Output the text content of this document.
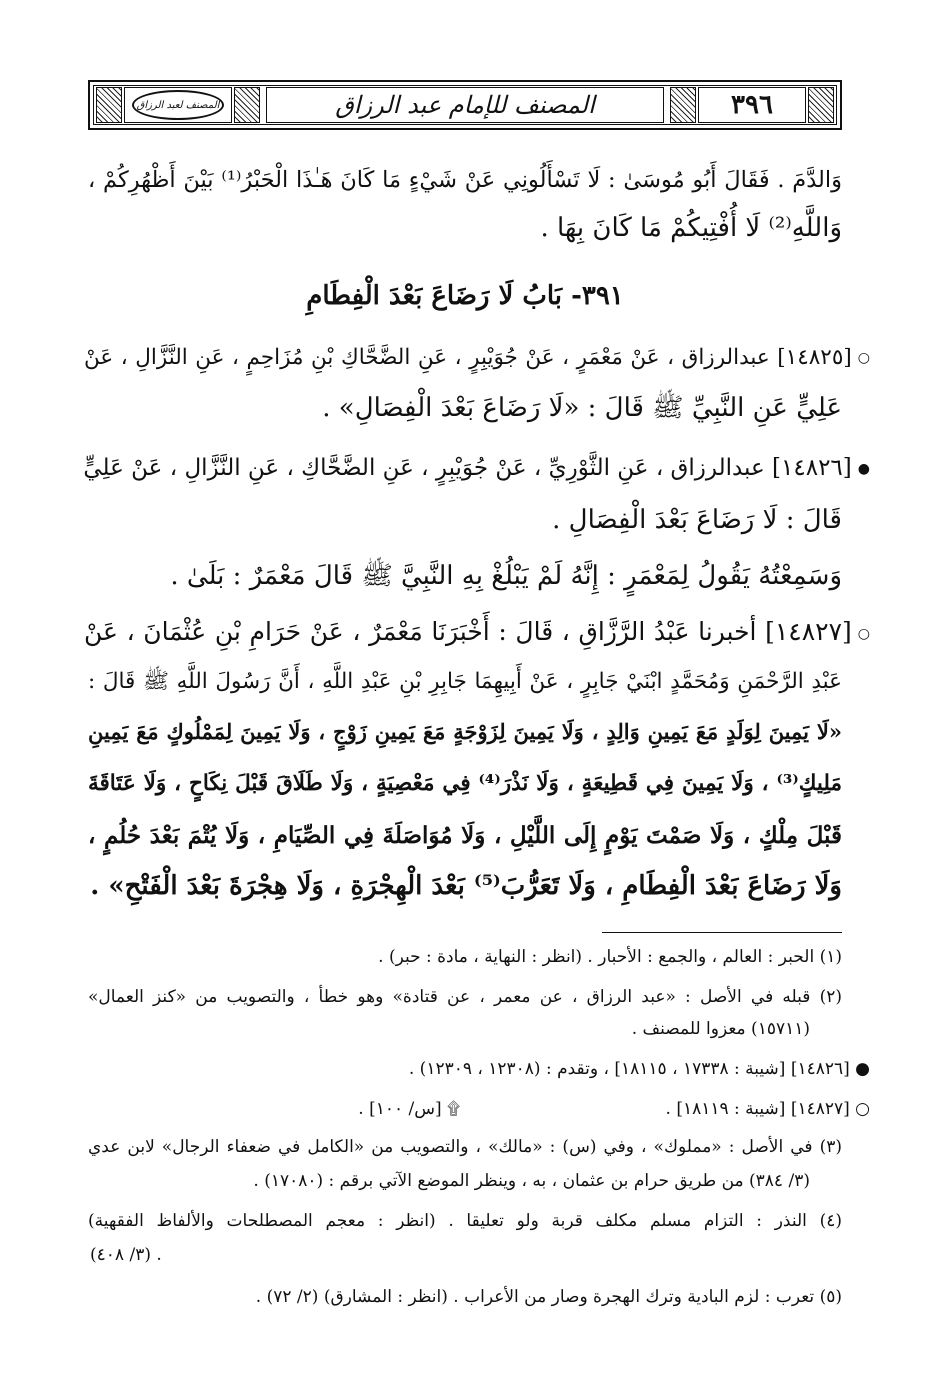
٣٩٦
المصنف للإمام عبد الرزاق
المصنف لعبد الرزاق
وَالدَّمَ . فَقَالَ أَبُو مُوسَىٰ : لَا تَسْأَلُونِي عَنْ شَيْءٍ مَا كَانَ هَـٰذَا الْحَبْرُ⁽¹⁾ بَيْنَ أَظْهُرِكُمْ ،
وَاللَّهِ⁽²⁾ لَا أُفْتِيكُمْ مَا كَانَ بِهَا .
٣٩١- بَابُ لَا رَضَاعَ بَعْدَ الْفِطَامِ
○[١٤٨٢٥] عبدالرزاق ، عَنْ مَعْمَرٍ ، عَنْ جُوَيْبِرٍ ، عَنِ الضَّحَّاكِ بْنِ مُزَاحِمٍ ، عَنِ النَّزَّالِ ، عَنْ
عَلِيٍّ عَنِ النَّبِيِّ ﷺ قَالَ : «لَا رَضَاعَ بَعْدَ الْفِصَالِ» .
●[١٤٨٢٦] عبدالرزاق ، عَنِ الثَّوْرِيِّ ، عَنْ جُوَيْبِرٍ ، عَنِ الضَّحَّاكِ ، عَنِ النَّزَّالِ ، عَنْ عَلِيٍّ
قَالَ : لَا رَضَاعَ بَعْدَ الْفِصَالِ .
وَسَمِعْتُهُ يَقُولُ لِمَعْمَرٍ : إِنَّهُ لَمْ يَبْلُغْ بِهِ النَّبِيَّ ﷺ قَالَ مَعْمَرٌ : بَلَىٰ .
○[١٤٨٢٧] أخبرنا عَبْدُ الرَّزَّاقِ ، قَالَ : أَخْبَرَنَا مَعْمَرٌ ، عَنْ حَرَامِ بْنِ عُثْمَانَ ، عَنْ
عَبْدِ الرَّحْمَنِ وَمُحَمَّدٍ ابْنَيْ جَابِرٍ ، عَنْ أَبِيهِمَا جَابِرِ بْنِ عَبْدِ اللَّهِ ، أَنَّ رَسُولَ اللَّهِ ﷺ قَالَ :
«لَا يَمِينَ لِوَلَدٍ مَعَ يَمِينِ وَالِدٍ ، وَلَا يَمِينَ لِزَوْجَةٍ مَعَ يَمِينِ زَوْجٍ ، وَلَا يَمِينَ لِمَمْلُوكٍ مَعَ يَمِينِ
مَلِيكٍ⁽³⁾ ، وَلَا يَمِينَ فِي قَطِيعَةٍ ، وَلَا نَذْرَ⁽⁴⁾ فِي مَعْصِيَةٍ ، وَلَا طَلَاقَ قَبْلَ نِكَاحٍ ، وَلَا عَتَاقَةَ
قَبْلَ مِلْكٍ ، وَلَا صَمْتَ يَوْمٍ إِلَى اللَّيْلِ ، وَلَا مُوَاصَلَةَ فِي الصِّيَامِ ، وَلَا يُتْمَ بَعْدَ حُلُمٍ ،
وَلَا رَضَاعَ بَعْدَ الْفِطَامِ ، وَلَا تَعَرُّبَ⁽⁵⁾ بَعْدَ الْهِجْرَةِ ، وَلَا هِجْرَةَ بَعْدَ الْفَتْحِ» .
(١) الحبر : العالم ، والجمع : الأحبار . (انظر : النهاية ، مادة : حبر) .
(٢) قبله في الأصل : «عبد الرزاق ، عن معمر ، عن قتادة» وهو خطأ ، والتصويب من «كنز العمال»
(١٥٧١١) معزوا للمصنف .
● [١٤٨٢٦] [شيبة : ١٧٣٣٨ ، ١٨١١٥] ، وتقدم : (١٢٣٠٨ ، ١٢٣٠٩) .
○ [١٤٨٢٧] [شيبة : ١٨١١٩] .
۩ [س/ ١٠٠] .
(٣) في الأصل : «مملوك» ، وفي (س) : «مالك» ، والتصويب من «الكامل في ضعفاء الرجال» لابن عدي
(٣/ ٣٨٤) من طريق حرام بن عثمان ، به ، وينظر الموضع الآتي برقم : (١٧٠٨٠) .
(٤) النذر : التزام مسلم مكلف قربة ولو تعليقا . (انظر : معجم المصطلحات والألفاظ الفقهية)
(٣/ ٤٠٨) .
(٥) تعرب : لزم البادية وترك الهجرة وصار من الأعراب . (انظر : المشارق) (٢/ ٧٢) .
